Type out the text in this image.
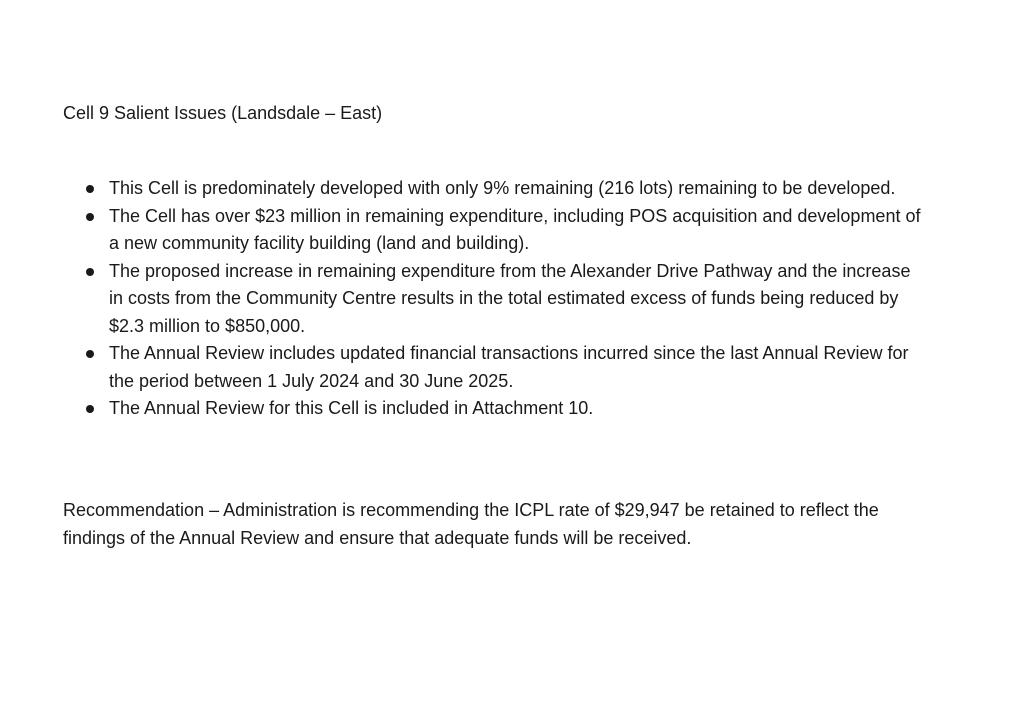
Cell 9 Salient Issues (Landsdale – East)

This Cell is predominately developed with only 9% remaining (216 lots) remaining to be developed.
The Cell has over $23 million in remaining expenditure, including POS acquisition and development of a new community facility building (land and building).
The proposed increase in remaining expenditure from the Alexander Drive Pathway and the increase in costs from the Community Centre results in the total estimated excess of funds being reduced by $2.3 million to $850,000.
The Annual Review includes updated financial transactions incurred since the last Annual Review for the period between 1 July 2024 and 30 June 2025.
The Annual Review for this Cell is included in Attachment 10.

Recommendation – Administration is recommending the ICPL rate of $29,947 be retained to reflect the findings of the Annual Review and ensure that adequate funds will be received.
